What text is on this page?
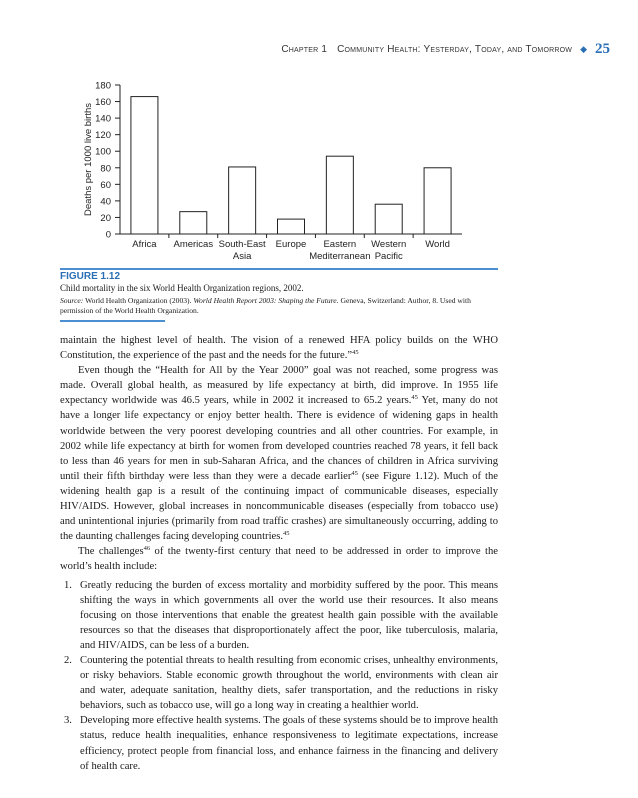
Chapter 1 Community Health: Yesterday, Today, and Tomorrow ◆ 25
0
20
40
60
80
100
120
140
160
180
Deaths per 1000 live births
Africa Americas South-East
Asia
Europe Eastern
Mediterranean
Western
Pacific
World
FIGURE 1.12
Child mortality in the six World Health Organization regions, 2002.
Source: World Health Organization (2003). World Health Report 2003: Shaping the Future. Geneva, Switzerland: Author, 8. Used with permission of the World Health Organization.

maintain the highest level of health. The vision of a renewed HFA policy builds on the WHO Constitution, the experience of the past and the needs for the future.”$^{45}$

Even though the “Health for All by the Year 2000” goal was not reached, some progress was made. Overall global health, as measured by life expectancy at birth, did improve. In 1955 life expectancy worldwide was 46.5 years, while in 2002 it increased to 65.2 years.$^{45}$ Yet, many do not have a longer life expectancy or enjoy better health. There is evidence of widening gaps in health worldwide between the very poorest developing countries and all other countries. For example, in 2002 while life expectancy at birth for women from developed countries reached 78 years, it fell back to less than 46 years for men in sub-Saharan Africa, and the chances of children in Africa surviving until their fifth birthday were less than they were a decade earlier$^{45}$ (see Figure 1.12). Much of the widening health gap is a result of the continuing impact of communicable diseases, especially HIV/AIDS. However, global increases in noncommunicable diseases (especially from tobacco use) and unintentional injuries (primarily from road traffic crashes) are simultaneously occurring, adding to the daunting challenges facing developing countries.$^{45}$

The challenges$^{46}$ of the twenty-first century that need to be addressed in order to improve the world’s health include:

1. Greatly reducing the burden of excess mortality and morbidity suffered by the poor. This means shifting the ways in which governments all over the world use their resources. It also means focusing on those interventions that enable the greatest health gain possible with the available resources so that the diseases that disproportionately affect the poor, like tuberculosis, malaria, and HIV/AIDS, can be less of a burden.
2. Countering the potential threats to health resulting from economic crises, unhealthy environments, or risky behaviors. Stable economic growth throughout the world, environments with clean air and water, adequate sanitation, healthy diets, safer transportation, and the reductions in risky behaviors, such as tobacco use, will go a long way in creating a healthier world.
3. Developing more effective health systems. The goals of these systems should be to improve health status, reduce health inequalities, enhance responsiveness to legitimate expectations, increase efficiency, protect people from financial loss, and enhance fairness in the financing and delivery of health care.
